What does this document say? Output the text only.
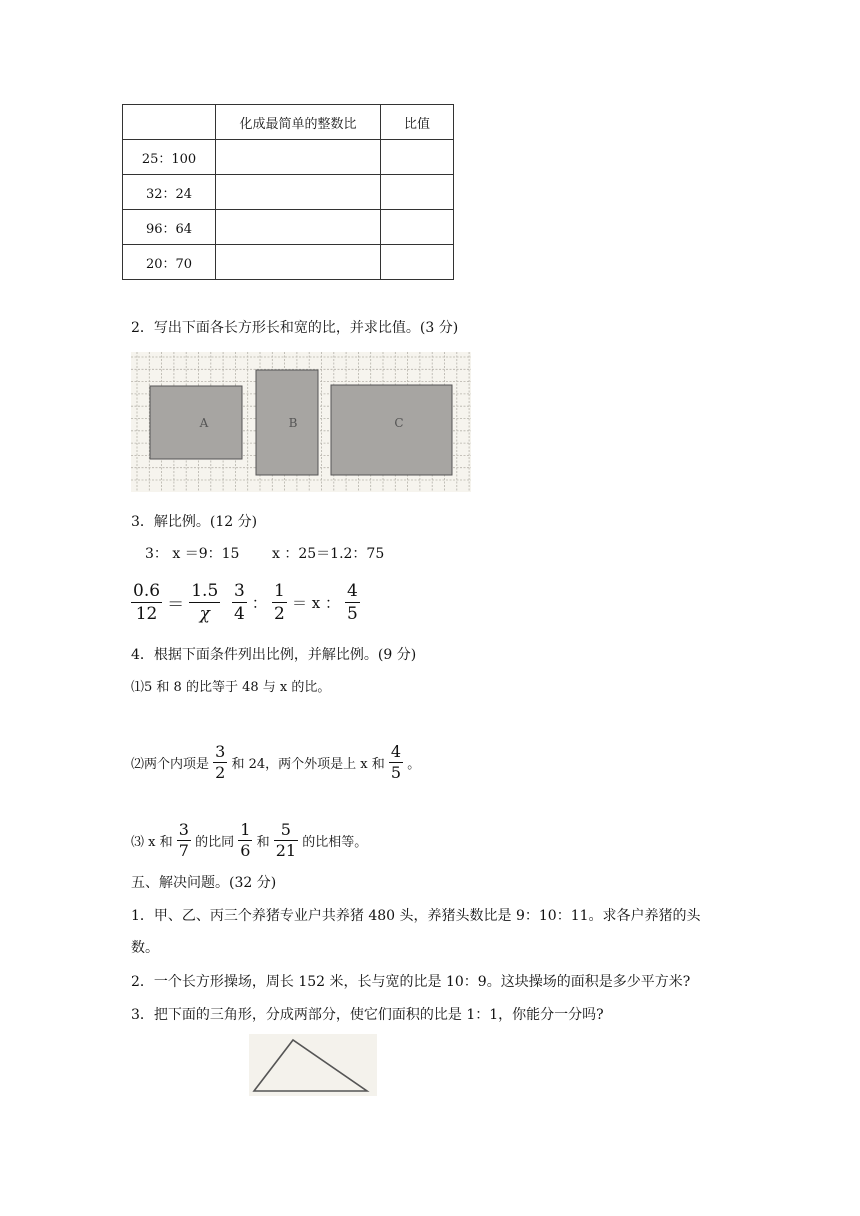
	化成最简单的整数比	比值
25：100		
32：24		
96：64		
20：70		
2．写出下面各长方形长和宽的比，并求比值。(3 分)
A	B	C
3．解比例。(12 分)
3： x ＝9：15 x ：25＝1.2：75
$\frac{0.6}{12} = \frac{1.5}{\chi} \frac{3}{4}$ ： $\frac{1}{2} = x$ ： $\frac{4}{5}$
4．根据下面条件列出比例，并解比例。(9 分)
⑴5 和 8 的比等于 48 与 x 的比。
⑵两个内项是 $\frac{3}{2}$ 和 24，两个外项是上 x 和 $\frac{4}{5}$ 。
⑶ x 和 $\frac{3}{7}$ 的比同 $\frac{1}{6}$ 和 $\frac{5}{21}$ 的比相等。
五、解决问题。(32 分)
1．甲、乙、丙三个养猪专业户共养猪 480 头，养猪头数比是 9：10：11。求各户养猪的头
数。
2．一个长方形操场，周长 152 米，长与宽的比是 10：9。这块操场的面积是多少平方米?
3．把下面的三角形，分成两部分，使它们面积的比是 1：1，你能分一分吗?
